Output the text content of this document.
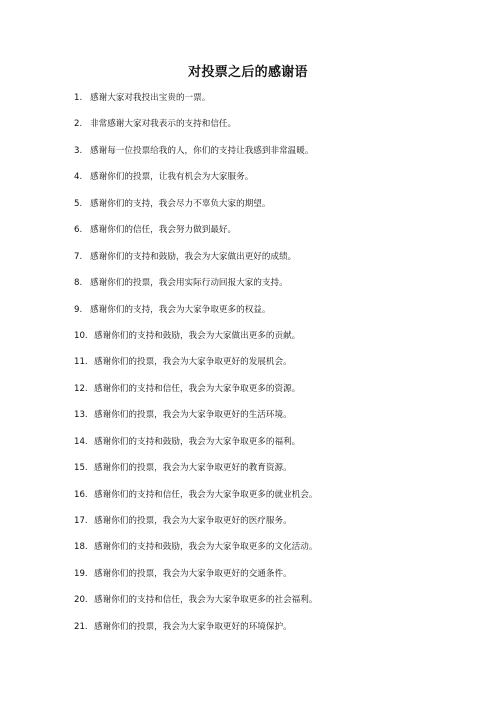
对投票之后的感谢语
1. 感谢大家对我投出宝贵的一票。
2. 非常感谢大家对我表示的支持和信任。
3. 感谢每一位投票给我的人，你们的支持让我感到非常温暖。
4. 感谢你们的投票，让我有机会为大家服务。
5. 感谢你们的支持，我会尽力不辜负大家的期望。
6. 感谢你们的信任，我会努力做到最好。
7. 感谢你们的支持和鼓励，我会为大家做出更好的成绩。
8. 感谢你们的投票，我会用实际行动回报大家的支持。
9. 感谢你们的支持，我会为大家争取更多的权益。
10. 感谢你们的支持和鼓励，我会为大家做出更多的贡献。
11. 感谢你们的投票，我会为大家争取更好的发展机会。
12. 感谢你们的支持和信任，我会为大家争取更多的资源。
13. 感谢你们的投票，我会为大家争取更好的生活环境。
14. 感谢你们的支持和鼓励，我会为大家争取更多的福利。
15. 感谢你们的投票，我会为大家争取更好的教育资源。
16. 感谢你们的支持和信任，我会为大家争取更多的就业机会。
17. 感谢你们的投票，我会为大家争取更好的医疗服务。
18. 感谢你们的支持和鼓励，我会为大家争取更多的文化活动。
19. 感谢你们的投票，我会为大家争取更好的交通条件。
20. 感谢你们的支持和信任，我会为大家争取更多的社会福利。
21. 感谢你们的投票，我会为大家争取更好的环境保护。
